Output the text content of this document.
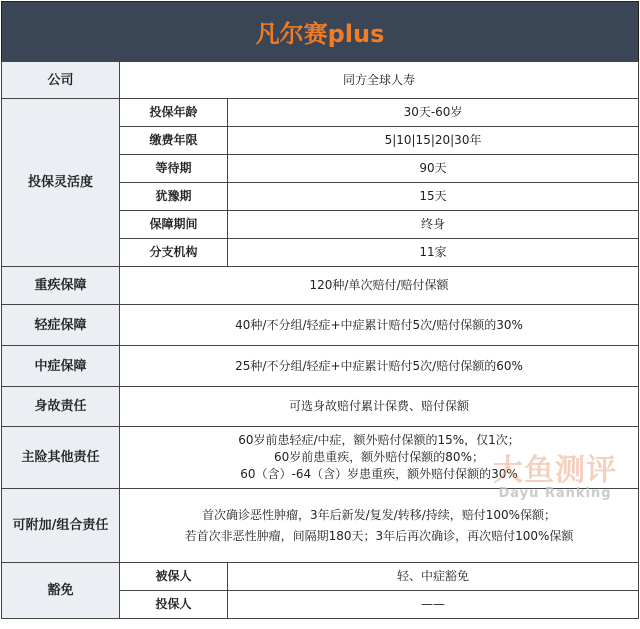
凡尔赛plus
公司	同方全球人寿	
投保灵活度	投保年龄	30天-60岁
	缴费年限	5|10|15|20|30年
	等待期	90天
	犹豫期	15天
	保障期间	终身
	分支机构	11家
重疾保障	120种/单次赔付/赔付保额	
轻症保障	40种/不分组/轻症+中症累计赔付5次/赔付保额的30%	
中症保障	25种/不分组/轻症+中症累计赔付5次/赔付保额的60%	
身故责任	可选身故赔付累计保费、赔付保额	
主险其他责任	60岁前患轻症/中症，额外赔付保额的15%，仅1次；
60岁前患重疾，额外赔付保额的80%；
60（含）-64（含）岁患重疾，额外赔付保额的30%	

可附加/组合责任	首次确诊恶性肿瘤，3年后新发/复发/转移/持续，赔付100%保额；
若首次非恶性肿瘤，间隔期180天；3年后再次确诊，再次赔付100%保额	

豁免	被保人	轻、中症豁免
	投保人	——
大鱼测评
Dayu Ranking
